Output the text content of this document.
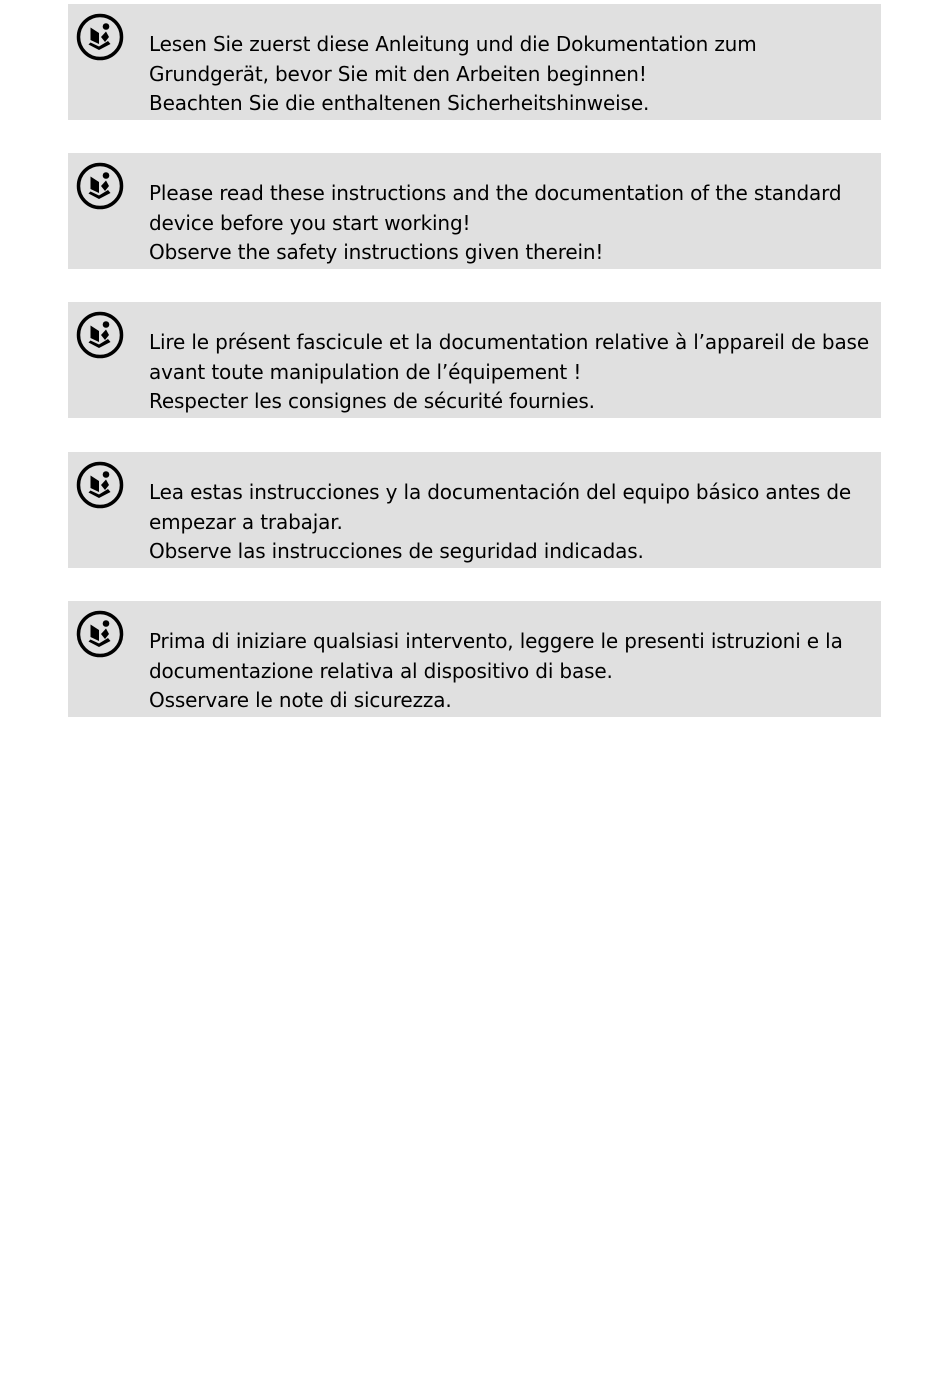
Lesen Sie zuerst diese Anleitung und die Dokumentation zum
Grundgerät, bevor Sie mit den Arbeiten beginnen!
Beachten Sie die enthaltenen Sicherheitshinweise.
Please read these instructions and the documentation of the standard
device before you start working!
Observe the safety instructions given therein!
Lire le présent fascicule et la documentation relative à l’appareil de base
avant toute manipulation de l’équipement !
Respecter les consignes de sécurité fournies.
Lea estas instrucciones y la documentación del equipo básico antes de
empezar a trabajar.
Observe las instrucciones de seguridad indicadas.
Prima di iniziare qualsiasi intervento, leggere le presenti istruzioni e la
documentazione relativa al dispositivo di base.
Osservare le note di sicurezza.
